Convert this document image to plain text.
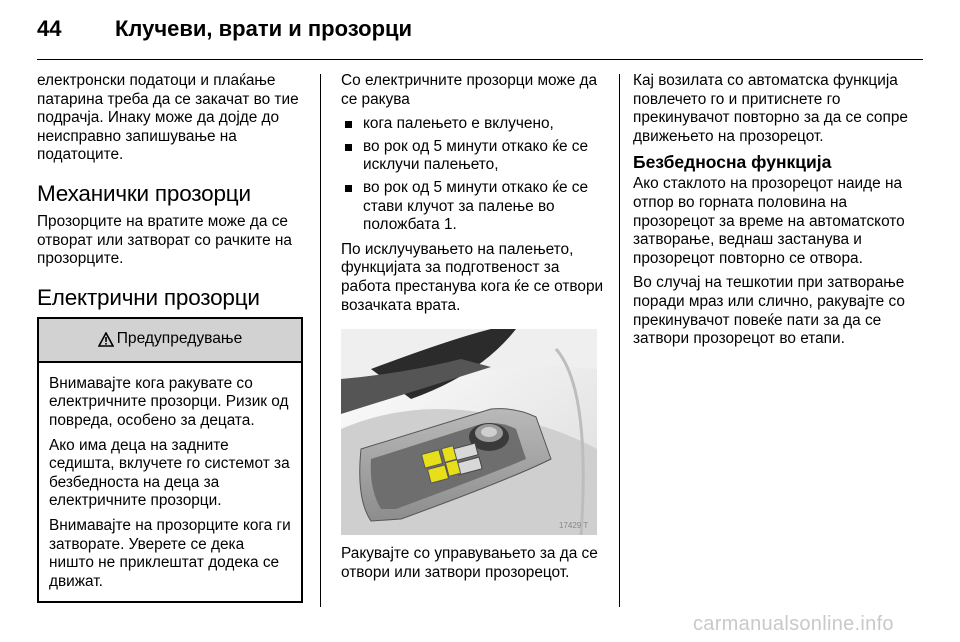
44 Клучеви, врати и прозорци

електронски податоци и плаќање патарина треба да се закачат во тие подрачја. Инаку може да дојде до неисправно запишување на податоците.

Механички прозорци

Прозорците на вратите може да се отворат или затворат со рачките на прозорците.

Електрични прозорци
Предупредување

Внимавајте кога ракувате со електричните прозорци. Ризик од повреда, особено за децата.

Ако има деца на задните седишта, вклучете го системот за безбедноста на деца за електричните прозорци.

Внимавајте на прозорците кога ги затворате. Уверете се дека ништо не приклештат додека се движат.

Со електричните прозорци може да се ракува

кога палењето е вклучено,
во рок од 5 минути откако ќе се исклучи палењето,
во рок од 5 минути откако ќе се стави клучот за палење во положбата 1.

По исклучувањето на палењето, функцијата за подготвеност за работа престанува кога ќе се отвори возачката врата.

17429 T

Ракувајте со управувањето за да се отвори или затвори прозорецот.

Кај возилата со автоматска функција повлечето го и притиснете го прекинувачот повторно за да се сопре движењето на прозорецот.

Безбедносна функција

Ако стаклото на прозорецот наиде на отпор во горната половина на прозорецот за време на автоматското затворање, веднаш застанува и прозорецот повторно се отвора.

Во случај на тешкотии при затворање поради мраз или слично, ракувајте со прекинувачот повеќе пати за да се затвори прозорецот во етапи.

carmanualsonline.info
